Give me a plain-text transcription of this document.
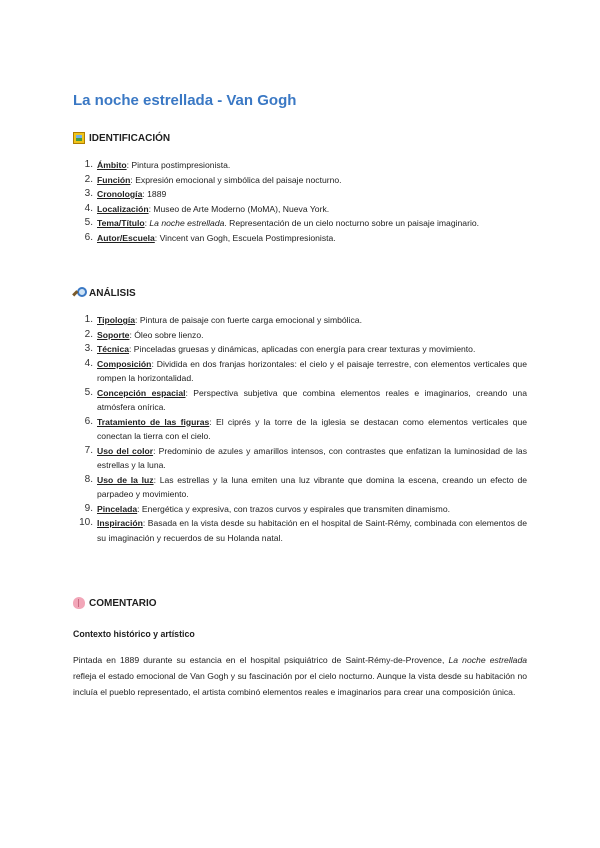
La noche estrellada - Van Gogh
IDENTIFICACIÓN
1. Ámbito: Pintura postimpresionista.
2. Función: Expresión emocional y simbólica del paisaje nocturno.
3. Cronología: 1889
4. Localización: Museo de Arte Moderno (MoMA), Nueva York.
5. Tema/Título: La noche estrellada. Representación de un cielo nocturno sobre un paisaje imaginario.
6. Autor/Escuela: Vincent van Gogh, Escuela Postimpresionista.
ANÁLISIS
1. Tipología: Pintura de paisaje con fuerte carga emocional y simbólica.
2. Soporte: Óleo sobre lienzo.
3. Técnica: Pinceladas gruesas y dinámicas, aplicadas con energía para crear texturas y movimiento.
4. Composición: Dividida en dos franjas horizontales: el cielo y el paisaje terrestre, con elementos verticales que rompen la horizontalidad.
5. Concepción espacial: Perspectiva subjetiva que combina elementos reales e imaginarios, creando una atmósfera onírica.
6. Tratamiento de las figuras: El ciprés y la torre de la iglesia se destacan como elementos verticales que conectan la tierra con el cielo.
7. Uso del color: Predominio de azules y amarillos intensos, con contrastes que enfatizan la luminosidad de las estrellas y la luna.
8. Uso de la luz: Las estrellas y la luna emiten una luz vibrante que domina la escena, creando un efecto de parpadeo y movimiento.
9. Pincelada: Energética y expresiva, con trazos curvos y espirales que transmiten dinamismo.
10. Inspiración: Basada en la vista desde su habitación en el hospital de Saint-Rémy, combinada con elementos de su imaginación y recuerdos de su Holanda natal.
COMENTARIO

Contexto histórico y artístico

Pintada en 1889 durante su estancia en el hospital psiquiátrico de Saint-Rémy-de-Provence, La noche estrellada refleja el estado emocional de Van Gogh y su fascinación por el cielo nocturno. Aunque la vista desde su habitación no incluía el pueblo representado, el artista combinó elementos reales e imaginarios para crear una composición única.
